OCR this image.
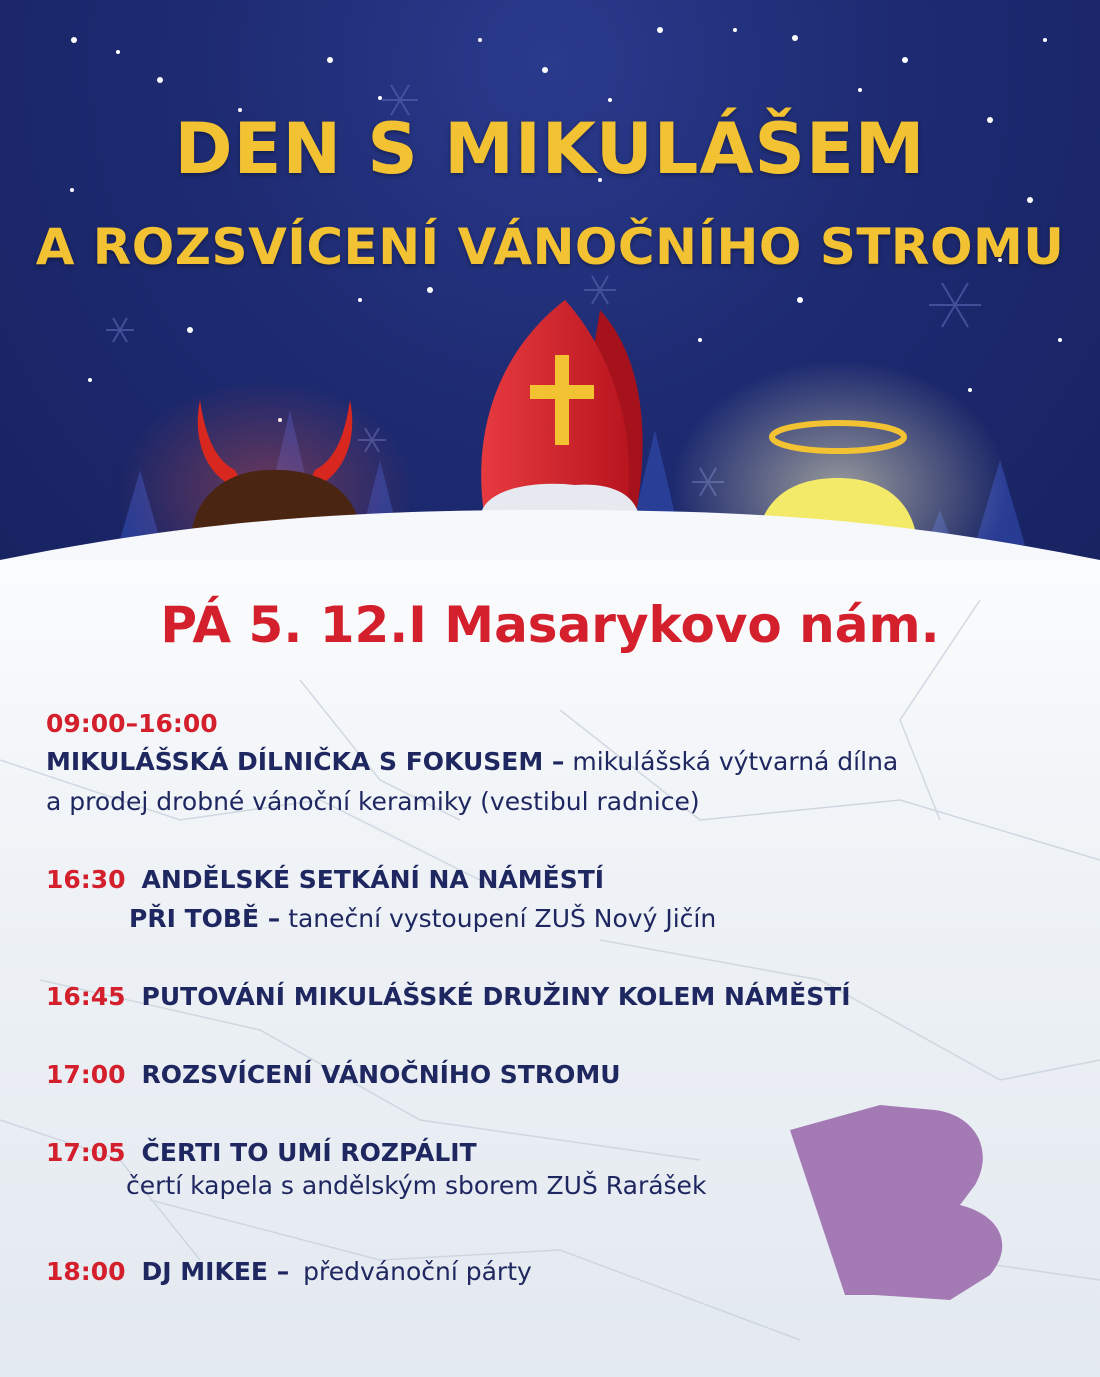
DEN S MIKULÁŠEM
A ROZSVÍCENÍ VÁNOČNÍHO STROMU
PÁ 5. 12.I Masarykovo nám.
09:00–16:00
MIKULÁŠSKÁ DÍLNIČKA S FOKUSEM – mikulášská výtvarná dílna
a prodej drobné vánoční keramiky (vestibul radnice)
16:30 ANDĚLSKÉ SETKÁNÍ NA NÁMĚSTÍ
PŘI TOBĚ – taneční vystoupení ZUŠ Nový Jičín
16:45 PUTOVÁNÍ MIKULÁŠSKÉ DRUŽINY KOLEM NÁMĚSTÍ
17:00 ROZSVÍCENÍ VÁNOČNÍHO STROMU
17:05 ČERTI TO UMÍ ROZPÁLIT
čertí kapela s andělským sborem ZUŠ Rarášek
18:00 DJ MIKEE – předvánoční párty
